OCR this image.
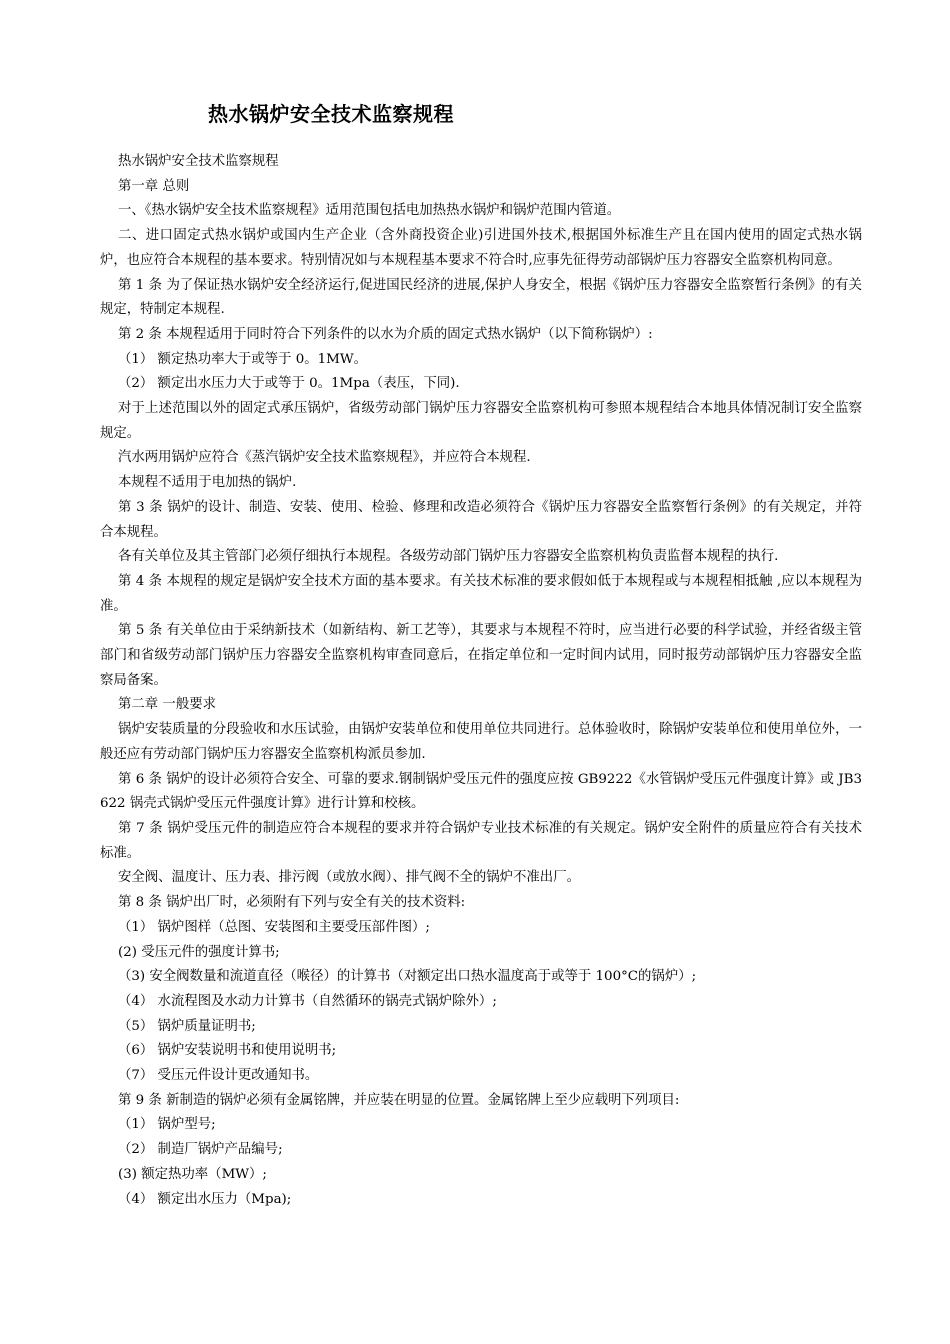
热水锅炉安全技术监察规程

热水锅炉安全技术监察规程

第一章 总则

一、《热水锅炉安全技术监察规程》适用范围包括电加热热水锅炉和锅炉范围内管道。

二、进口固定式热水锅炉或国内生产企业（含外商投资企业)引进国外技术,根据国外标准生产且在国内使用的固定式热水锅炉，也应符合本规程的基本要求。特别情况如与本规程基本要求不符合时,应事先征得劳动部锅炉压力容器安全监察机构同意。

第 1 条 为了保证热水锅炉安全经济运行,促进国民经济的进展,保护人身安全，根据《锅炉压力容器安全监察暂行条例》的有关规定，特制定本规程.

第 2 条 本规程适用于同时符合下列条件的以水为介质的固定式热水锅炉（以下简称锅炉）:

（1） 额定热功率大于或等于 0。1MW。

（2） 额定出水压力大于或等于 0。1Mpa（表压，下同).

对于上述范围以外的固定式承压锅炉，省级劳动部门锅炉压力容器安全监察机构可参照本规程结合本地具体情况制订安全监察规定。

汽水两用锅炉应符合《蒸汽锅炉安全技术监察规程》，并应符合本规程.

本规程不适用于电加热的锅炉.

第 3 条 锅炉的设计、制造、安装、使用、检验、修理和改造必须符合《锅炉压力容器安全监察暂行条例》的有关规定，并符合本规程。

各有关单位及其主管部门必须仔细执行本规程。各级劳动部门锅炉压力容器安全监察机构负责监督本规程的执行.

第 4 条 本规程的规定是锅炉安全技术方面的基本要求。有关技术标准的要求假如低于本规程或与本规程相抵触 ,应以本规程为准。

第 5 条 有关单位由于采纳新技术（如新结构、新工艺等），其要求与本规程不符时，应当进行必要的科学试验，并经省级主管部门和省级劳动部门锅炉压力容器安全监察机构审查同意后，在指定单位和一定时间内试用，同时报劳动部锅炉压力容器安全监察局备案。

第二章 一般要求

锅炉安装质量的分段验收和水压试验，由锅炉安装单位和使用单位共同进行。总体验收时，除锅炉安装单位和使用单位外，一般还应有劳动部门锅炉压力容器安全监察机构派员参加.

第 6 条 锅炉的设计必须符合安全、可靠的要求.钢制锅炉受压元件的强度应按 GB9222《水管锅炉受压元件强度计算》或 JB3622 锅壳式锅炉受压元件强度计算》进行计算和校核。

第 7 条 锅炉受压元件的制造应符合本规程的要求并符合锅炉专业技术标准的有关规定。锅炉安全附件的质量应符合有关技术标准。

安全阀、温度计、压力表、排污阀（或放水阀）、排气阀不全的锅炉不准出厂。

第 8 条 锅炉出厂时，必须附有下列与安全有关的技术资料:

（1） 锅炉图样（总图、安装图和主要受压部件图）;

(2) 受压元件的强度计算书;

（3) 安全阀数量和流道直径（喉径）的计算书（对额定出口热水温度高于或等于 100°C的锅炉）;

（4） 水流程图及水动力计算书（自然循环的锅壳式锅炉除外）;

（5） 锅炉质量证明书;

（6） 锅炉安装说明书和使用说明书;

（7） 受压元件设计更改通知书。

第 9 条 新制造的锅炉必须有金属铭牌，并应装在明显的位置。金属铭牌上至少应载明下列项目:

（1） 锅炉型号;

（2） 制造厂锅炉产品编号;

(3) 额定热功率（MW）;

（4） 额定出水压力（Mpa);
